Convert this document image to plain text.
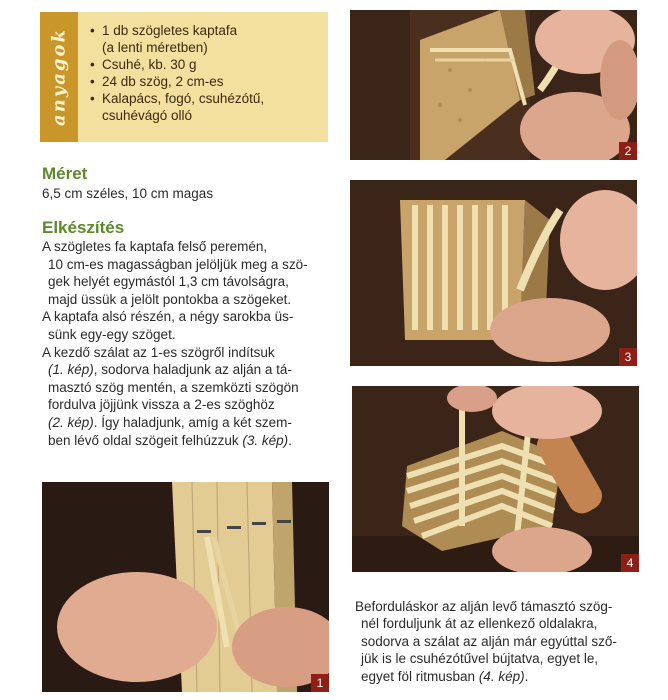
anyagok
•	1 db szögletes kaptafa
(a lenti méretben)
• Csuhé, kb. 30 g
• 24 db szög, 2 cm-es
• Kalapács, fogó, csuhézótű,
csuhévágó olló
Méret
6,5 cm széles, 10 cm magas
Elkészítés
A szögletes fa kaptafa felső peremén,
10 cm-es magasságban jelöljük meg a szö-
gek helyét egymástól 1,3 cm távolságra,
majd üssük a jelölt pontokba a szögeket.
A kaptafa alsó részén, a négy sarokba üs-
sünk egy-egy szöget.
A kezdő szálat az 1-es szögről indítsuk
(1. kép), sodorva haladjunk az alján a tá-
masztó szög mentén, a szemközti szögön
fordulva jöjjünk vissza a 2-es szöghöz
(2. kép). Így haladjunk, amíg a két szem-
ben lévő oldal szögeit felhúzzuk (3. kép).
2
3
4
1
Beforduláskor az alján levő támasztó szög-
nél forduljunk át az ellenkező oldalakra,
sodorva a szálat az alján már egyúttal sző-
jük is le csuhézótűvel bújtatva, egyet le,
egyet föl ritmusban (4. kép).
